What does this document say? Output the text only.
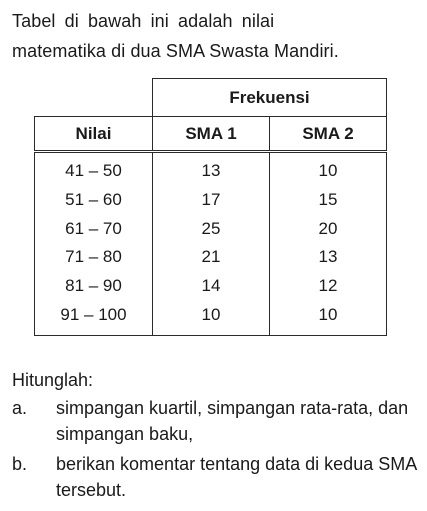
Tabel di bawah ini adalah nilai
matematika di dua SMA Swasta Mandiri.
	Frekuensi	
Nilai	SMA 1	SMA 2
41 – 50	13	10
51 – 60	17	15
61 – 70	25	20
71 – 80	21	13
81 – 90	14	12
91 – 100	10	10
Hitunglah:
a.	simpangan kuartil, simpangan rata-rata, dan simpangan baku,
b.	berikan komentar tentang data di kedua SMA tersebut.
